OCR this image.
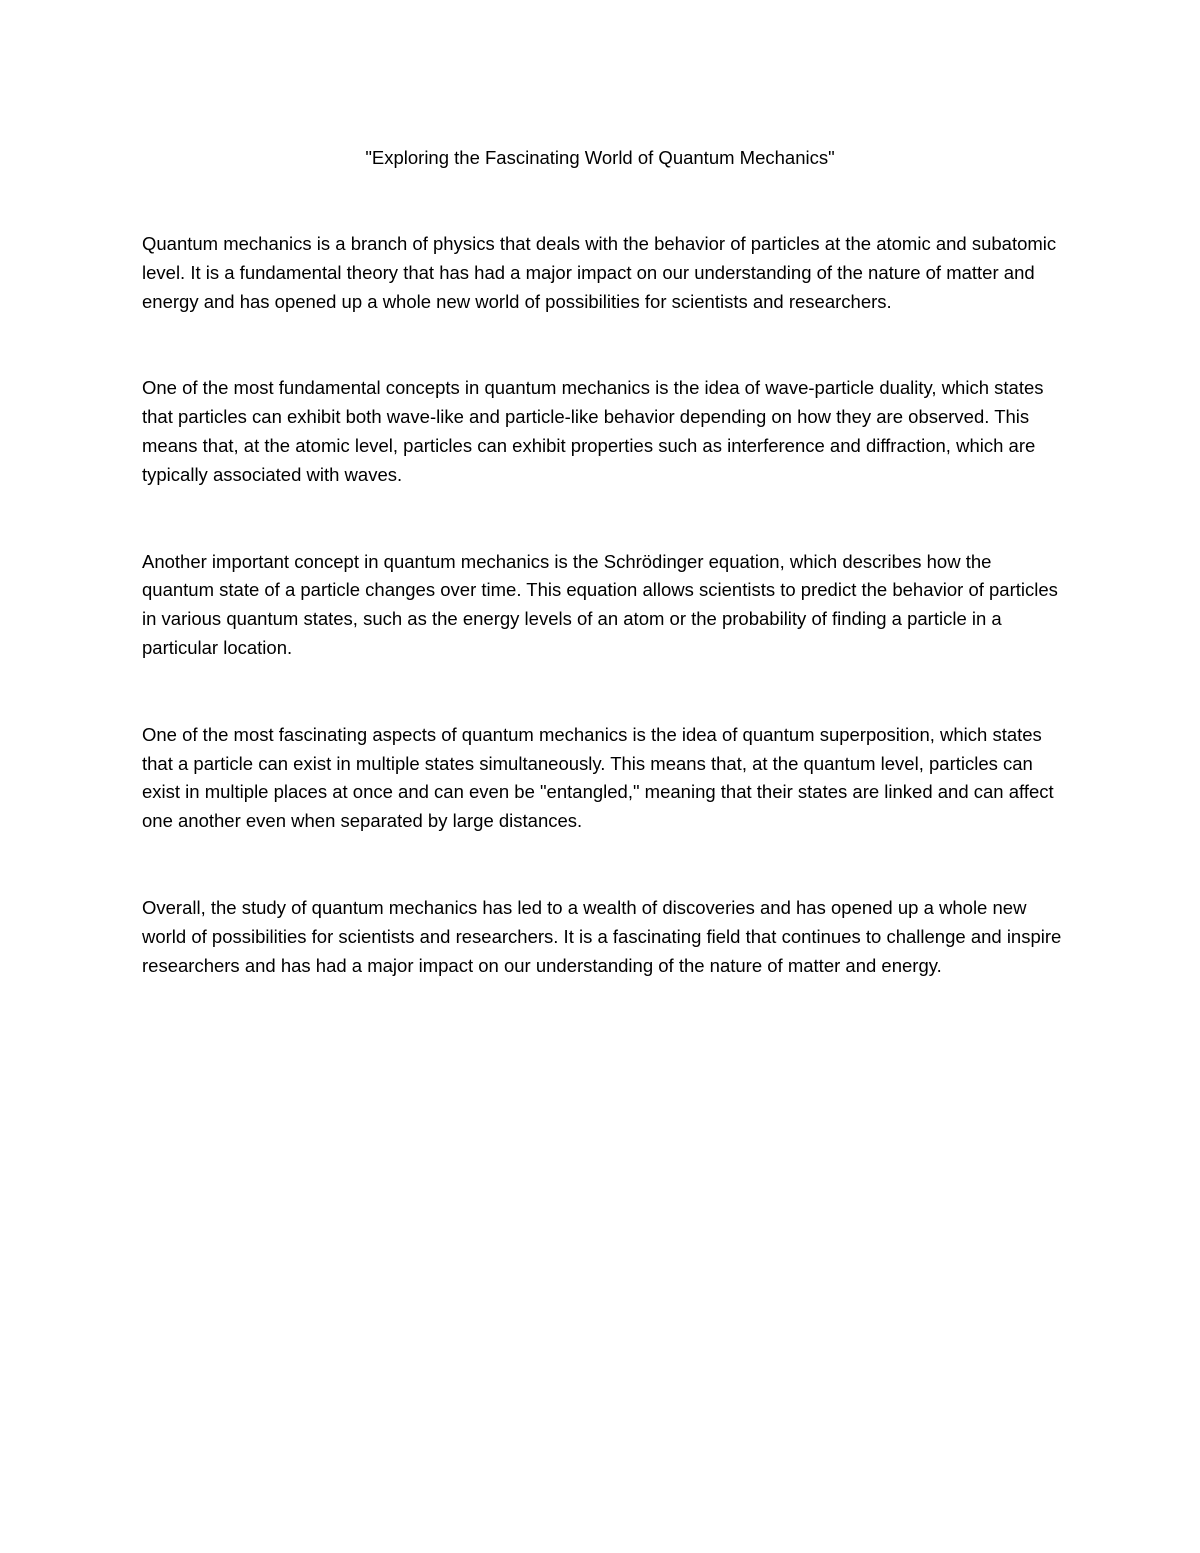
"Exploring the Fascinating World of Quantum Mechanics"

Quantum mechanics is a branch of physics that deals with the behavior of particles at the atomic and subatomic level. It is a fundamental theory that has had a major impact on our understanding of the nature of matter and energy and has opened up a whole new world of possibilities for scientists and researchers.

One of the most fundamental concepts in quantum mechanics is the idea of wave-particle duality, which states that particles can exhibit both wave-like and particle-like behavior depending on how they are observed. This means that, at the atomic level, particles can exhibit properties such as interference and diffraction, which are typically associated with waves.

Another important concept in quantum mechanics is the Schrödinger equation, which describes how the quantum state of a particle changes over time. This equation allows scientists to predict the behavior of particles in various quantum states, such as the energy levels of an atom or the probability of finding a particle in a particular location.

One of the most fascinating aspects of quantum mechanics is the idea of quantum superposition, which states that a particle can exist in multiple states simultaneously. This means that, at the quantum level, particles can exist in multiple places at once and can even be "entangled," meaning that their states are linked and can affect one another even when separated by large distances.

Overall, the study of quantum mechanics has led to a wealth of discoveries and has opened up a whole new world of possibilities for scientists and researchers. It is a fascinating field that continues to challenge and inspire researchers and has had a major impact on our understanding of the nature of matter and energy.
